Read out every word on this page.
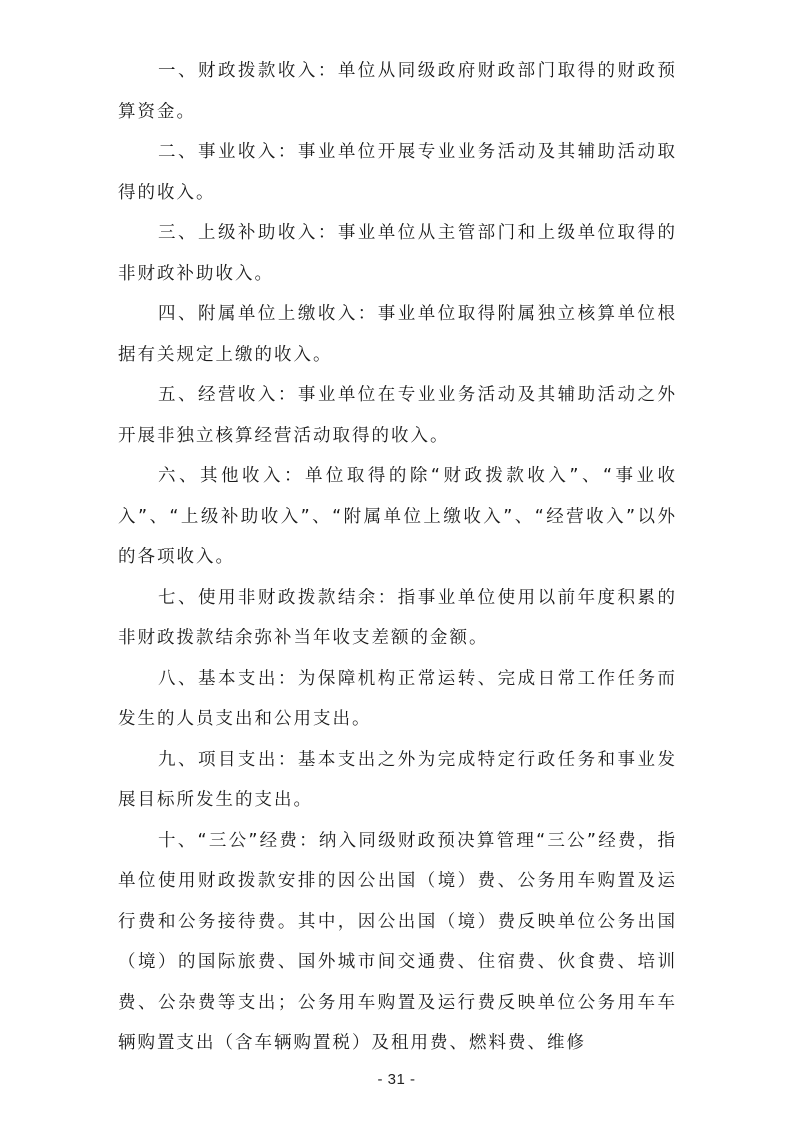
一、财政拨款收入：单位从同级政府财政部门取得的财政预算资金。

二、事业收入：事业单位开展专业业务活动及其辅助活动取得的收入。

三、上级补助收入：事业单位从主管部门和上级单位取得的非财政补助收入。

四、附属单位上缴收入：事业单位取得附属独立核算单位根据有关规定上缴的收入。

五、经营收入：事业单位在专业业务活动及其辅助活动之外开展非独立核算经营活动取得的收入。

六、其他收入：单位取得的除“财政拨款收入”、“事业收入”、“上级补助收入”、“附属单位上缴收入”、“经营收入”以外的各项收入。

七、使用非财政拨款结余：指事业单位使用以前年度积累的非财政拨款结余弥补当年收支差额的金额。

八、基本支出：为保障机构正常运转、完成日常工作任务而发生的人员支出和公用支出。

九、项目支出：基本支出之外为完成特定行政任务和事业发展目标所发生的支出。

十、“三公”经费：纳入同级财政预决算管理“三公”经费，指单位使用财政拨款安排的因公出国（境）费、公务用车购置及运行费和公务接待费。其中，因公出国（境）费反映单位公务出国（境）的国际旅费、国外城市间交通费、住宿费、伙食费、培训费、公杂费等支出；公务用车购置及运行费反映单位公务用车车辆购置支出（含车辆购置税）及租用费、燃料费、维修

- 31 -
